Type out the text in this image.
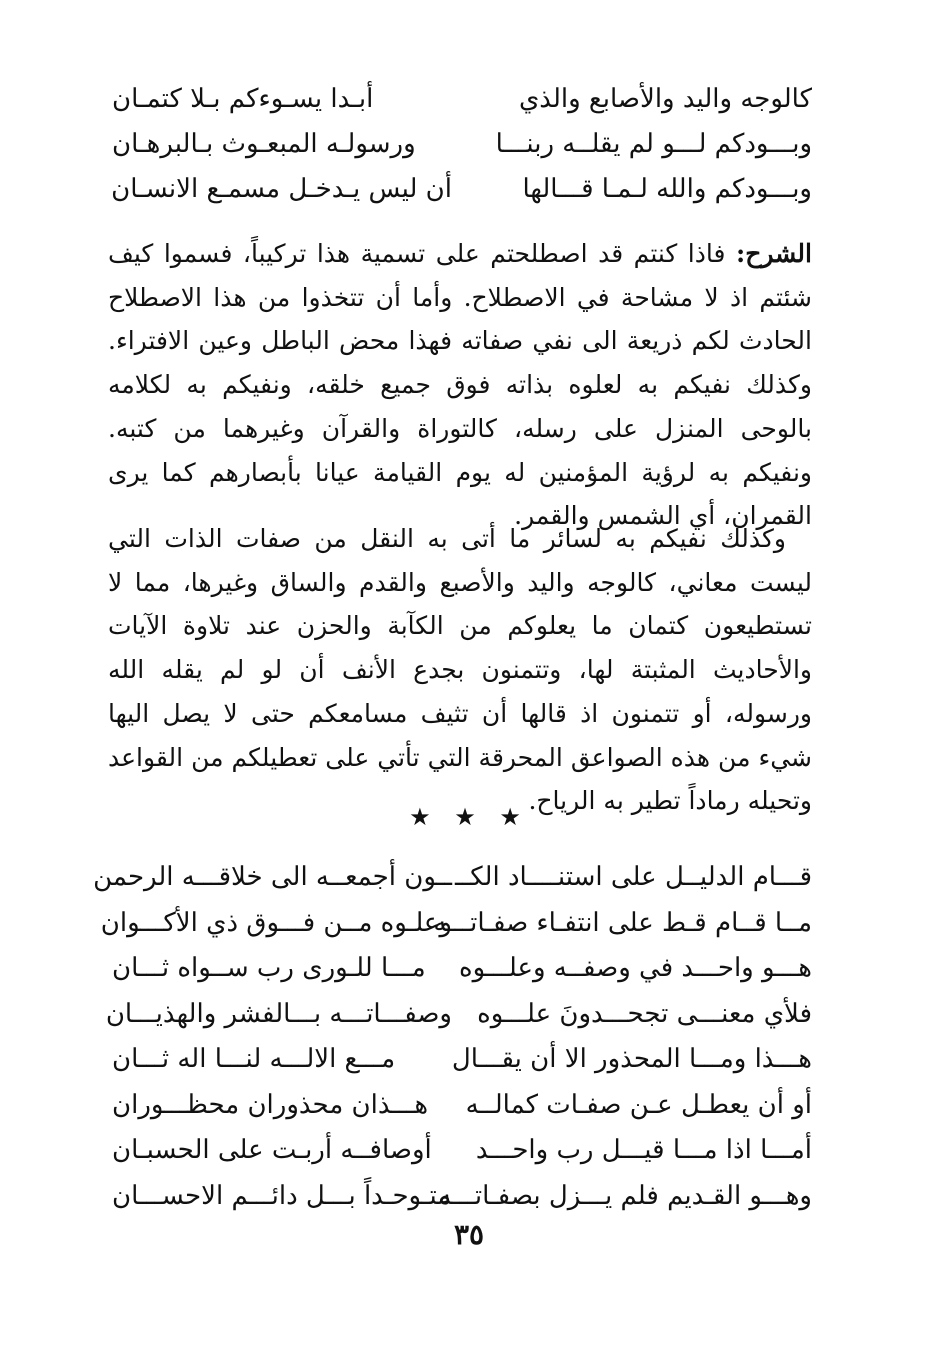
كالوجه واليد والأصابع والذي
أبـدا يسـوءكم بـلا كتمـان
وبـــودكم لـــو لم يقلــه ربنـــا
ورسولـه المبعـوث بـالبرهـان
وبـــودكم والله لـمـا قـــالها
أن ليس يـدخـل مسمـع الانسـان

الشرح: فاذا كنتم قد اصطلحتم على تسمية هذا تركيباً، فسموا كيف شئتم اذ لا مشاحة في الاصطلاح. وأما أن تتخذوا من هذا الاصطلاح الحادث لكم ذريعة الى نفي صفاته فهذا محض الباطل وعين الافتراء. وكذلك نفيكم به لعلوه بذاته فوق جميع خلقه، ونفيكم به لكلامه بالوحى المنزل على رسله، كالتوراة والقرآن وغيرهما من كتبه. ونفيكم به لرؤية المؤمنين له يوم القيامة عيانا بأبصارهم كما يرى القمران، أي الشمس والقمر.

وكذلك نفيكم به لسائر ما أتى به النقل من صفات الذات التي ليست معاني، كالوجه واليد والأصبع والقدم والساق وغيرها، مما لا تستطيعون كتمان ما يعلوكم من الكآبة والحزن عند تلاوة الآيات والأحاديث المثبتة لها، وتتمنون بجدع الأنف أن لو لم يقله الله ورسوله، أو تتمنون اذ قالها أن تثيف مسامعكم حتى لا يصل اليها شيء من هذه الصواعق المحرقة التي تأتي على تعطيلكم من القواعد وتحيله رماداً تطير به الرياح.

★ ★ ★
قـــام الدليــل على استنــــاد الكــ
ــون أجمعــه الى خلاقـــه الرحمن
مــا قــام قـط على انتفـاء صفـاتـــه
وعلـوه مــن فـــوق ذي الأكـــوان
هـــو واحـــد في وصفــه وعلـــوه
مـــا للـورى رب ســواه ثـــان
فلأي معنـــى تجحـــدونَ علـــوه
وصفـــاتـــه بـــالفشر والهذيـــان
هـــذا ومـــا المحذور الا أن يقـــال
مـــع الالـــه لنـــا اله ثـــان
أو أن يعطـل عـن صفـات كمالــه
هـــذان محذوران محظـــوران
أمـــا اذا مـــا قيـــل رب واحـــد
أوصافــه أربـت على الحسبـان
وهـــو القـديم فلم يـــزل بصفـاتـــه
متـوحـداً بـــل دائـــم الاحســـان
٣٥
